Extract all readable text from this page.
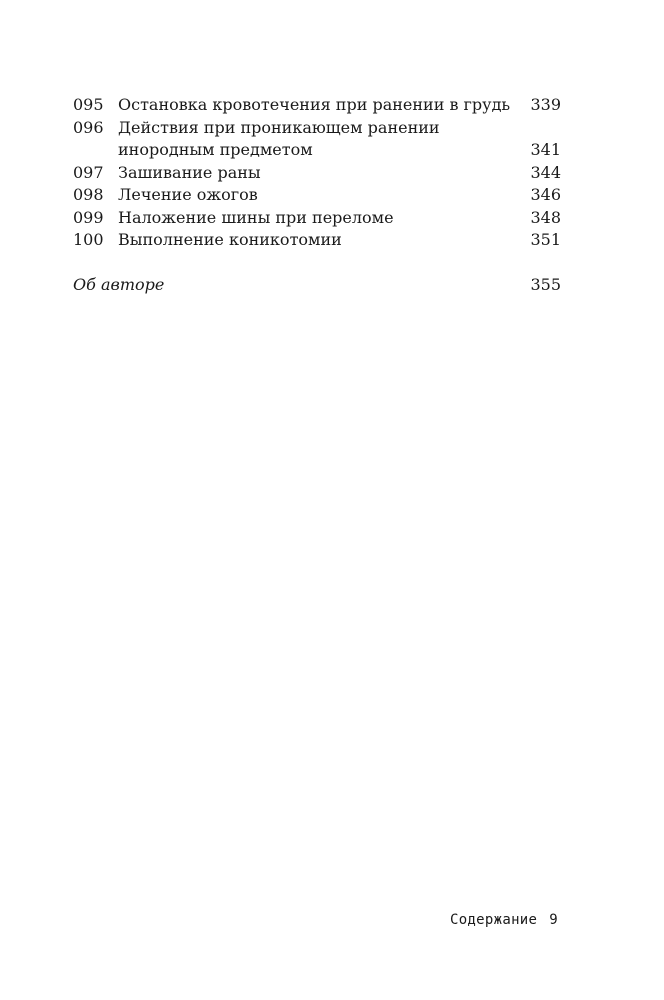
095 Остановка кровотечения при ранении в грудь	339
096 Действия при проникающем ранении инородным предметом	341
097 Зашивание раны	344
098 Лечение ожогов	346
099 Наложение шины при переломе	348
100 Выполнение коникотомии	351
Об авторе	355
Содержание 9
